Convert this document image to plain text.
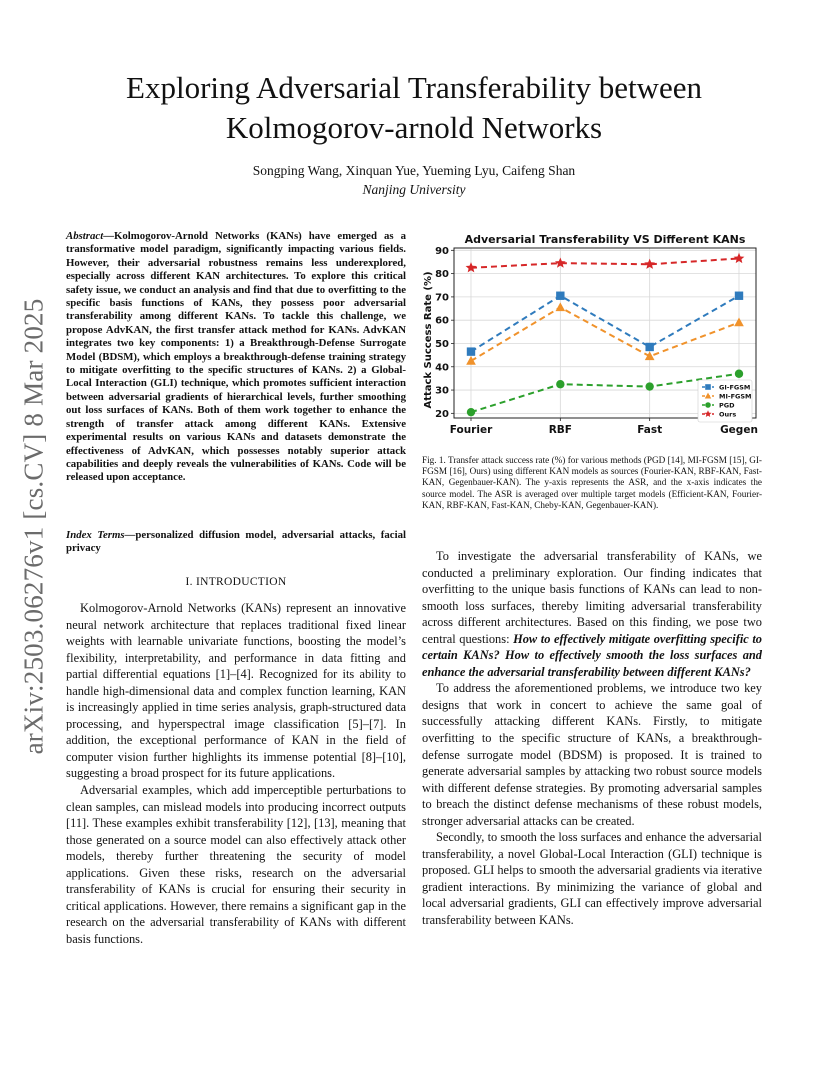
arXiv:2503.06276v1 [cs.CV] 8 Mar 2025
Exploring Adversarial Transferability between Kolmogorov-arnold Networks
Songping Wang, Xinquan Yue, Yueming Lyu, Caifeng Shan
Nanjing University
Abstract—Kolmogorov-Arnold Networks (KANs) have emerged as a transformative model paradigm, significantly impacting various fields. However, their adversarial robustness remains less underexplored, especially across different KAN architectures. To explore this critical safety issue, we conduct an analysis and find that due to overfitting to the specific basis functions of KANs, they possess poor adversarial transferability among different KANs. To tackle this challenge, we propose AdvKAN, the first transfer attack method for KANs. AdvKAN integrates two key components: 1) a Breakthrough-Defense Surrogate Model (BDSM), which employs a breakthrough-defense training strategy to mitigate overfitting to the specific structures of KANs. 2) a Global-Local Interaction (GLI) technique, which promotes sufficient interaction between adversarial gradients of hierarchical levels, further smoothing out loss surfaces of KANs. Both of them work together to enhance the strength of transfer attack among different KANs. Extensive experimental results on various KANs and datasets demonstrate the effectiveness of AdvKAN, which possesses notably superior attack capabilities and deeply reveals the vulnerabilities of KANs. Code will be released upon acceptance.
Index Terms—personalized diffusion model, adversarial attacks, facial privacy
I. INTRODUCTION

Kolmogorov-Arnold Networks (KANs) represent an innovative neural network architecture that replaces traditional fixed linear weights with learnable univariate functions, boosting the model’s flexibility, interpretability, and performance in data fitting and partial differential equations [1]–[4]. Recognized for its ability to handle high-dimensional data and complex function learning, KAN is increasingly applied in time series analysis, graph-structured data processing, and hyperspectral image classification [5]–[7]. In addition, the exceptional performance of KAN in the field of computer vision further highlights its immense potential [8]–[10], suggesting a broad prospect for its future applications.

Adversarial examples, which add imperceptible perturbations to clean samples, can mislead models into producing incorrect outputs [11]. These examples exhibit transferability [12], [13], meaning that those generated on a source model can also effectively attack other models, thereby further threatening the security of model applications. Given these risks, research on the adversarial transferability of KANs is crucial for ensuring their security in critical applications. However, there remains a significant gap in the research on the adversarial transferability of KANs with different basis functions.

Adversarial Transferability VS Different KANs
Attack Success Rate (%)
20
30
40
50
60
70
80
90
Fourier	RBF	Fast	Gegen
GI-FGSM
MI-FGSM
PGD
Ours
Fig. 1. Transfer attack success rate (%) for various methods (PGD [14], MI-FGSM [15], GI-FGSM [16], Ours) using different KAN models as sources (Fourier-KAN, RBF-KAN, Fast-KAN, Gegenbauer-KAN). The y-axis represents the ASR, and the x-axis indicates the source model. The ASR is averaged over multiple target models (Efficient-KAN, Fourier-KAN, RBF-KAN, Fast-KAN, Cheby-KAN, Gegenbauer-KAN).

To investigate the adversarial transferability of KANs, we conducted a preliminary exploration. Our finding indicates that overfitting to the unique basis functions of KANs can lead to non-smooth loss surfaces, thereby limiting adversarial transferability across different architectures. Based on this finding, we pose two central questions: How to effectively mitigate overfitting specific to certain KANs? How to effectively smooth the loss surfaces and enhance the adversarial transferability between different KANs?

To address the aforementioned problems, we introduce two key designs that work in concert to achieve the same goal of successfully attacking different KANs. Firstly, to mitigate overfitting to the specific structure of KANs, a breakthrough-defense surrogate model (BDSM) is proposed. It is trained to generate adversarial samples by attacking two robust source models with different defense strategies. By promoting adversarial samples to breach the distinct defense mechanisms of these robust models, stronger adversarial attacks can be created.

Secondly, to smooth the loss surfaces and enhance the adversarial transferability, a novel Global-Local Interaction (GLI) technique is proposed. GLI helps to smooth the adversarial gradients via iterative gradient interactions. By minimizing the variance of global and local adversarial gradients, GLI can effectively improve adversarial transferability between KANs.
